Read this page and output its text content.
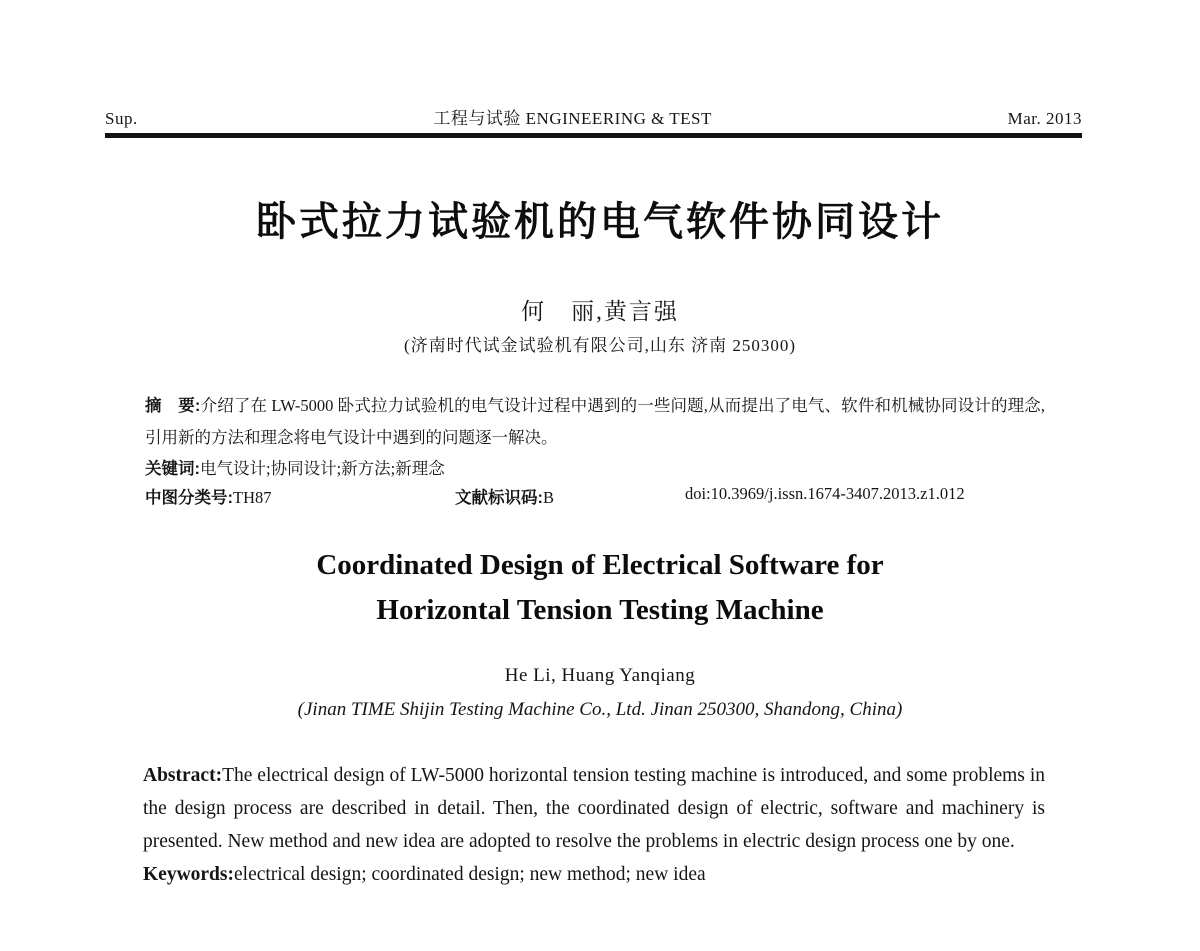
Sup.	工程与试验 ENGINEERING & TEST	Mar. 2013
卧式拉力试验机的电气软件协同设计
何　丽,黄言强
(济南时代试金试验机有限公司,山东 济南 250300)
摘　要:介绍了在 LW-5000 卧式拉力试验机的电气设计过程中遇到的一些问题,从而提出了电气、软件和机械协同设计的理念,引用新的方法和理念将电气设计中遇到的问题逐一解决。
关键词:电气设计;协同设计;新方法;新理念
中图分类号:TH87	文献标识码:B	doi:10.3969/j.issn.1674-3407.2013.z1.012
Coordinated Design of Electrical Software for
Horizontal Tension Testing Machine
He Li, Huang Yanqiang
(Jinan TIME Shijin Testing Machine Co., Ltd. Jinan 250300, Shandong, China)

Abstract:The electrical design of LW-5000 horizontal tension testing machine is introduced, and some problems in the design process are described in detail. Then, the coordinated design of electric, software and machinery is presented. New method and new idea are adopted to resolve the problems in electric design process one by one.

Keywords:electrical design; coordinated design; new method; new idea
